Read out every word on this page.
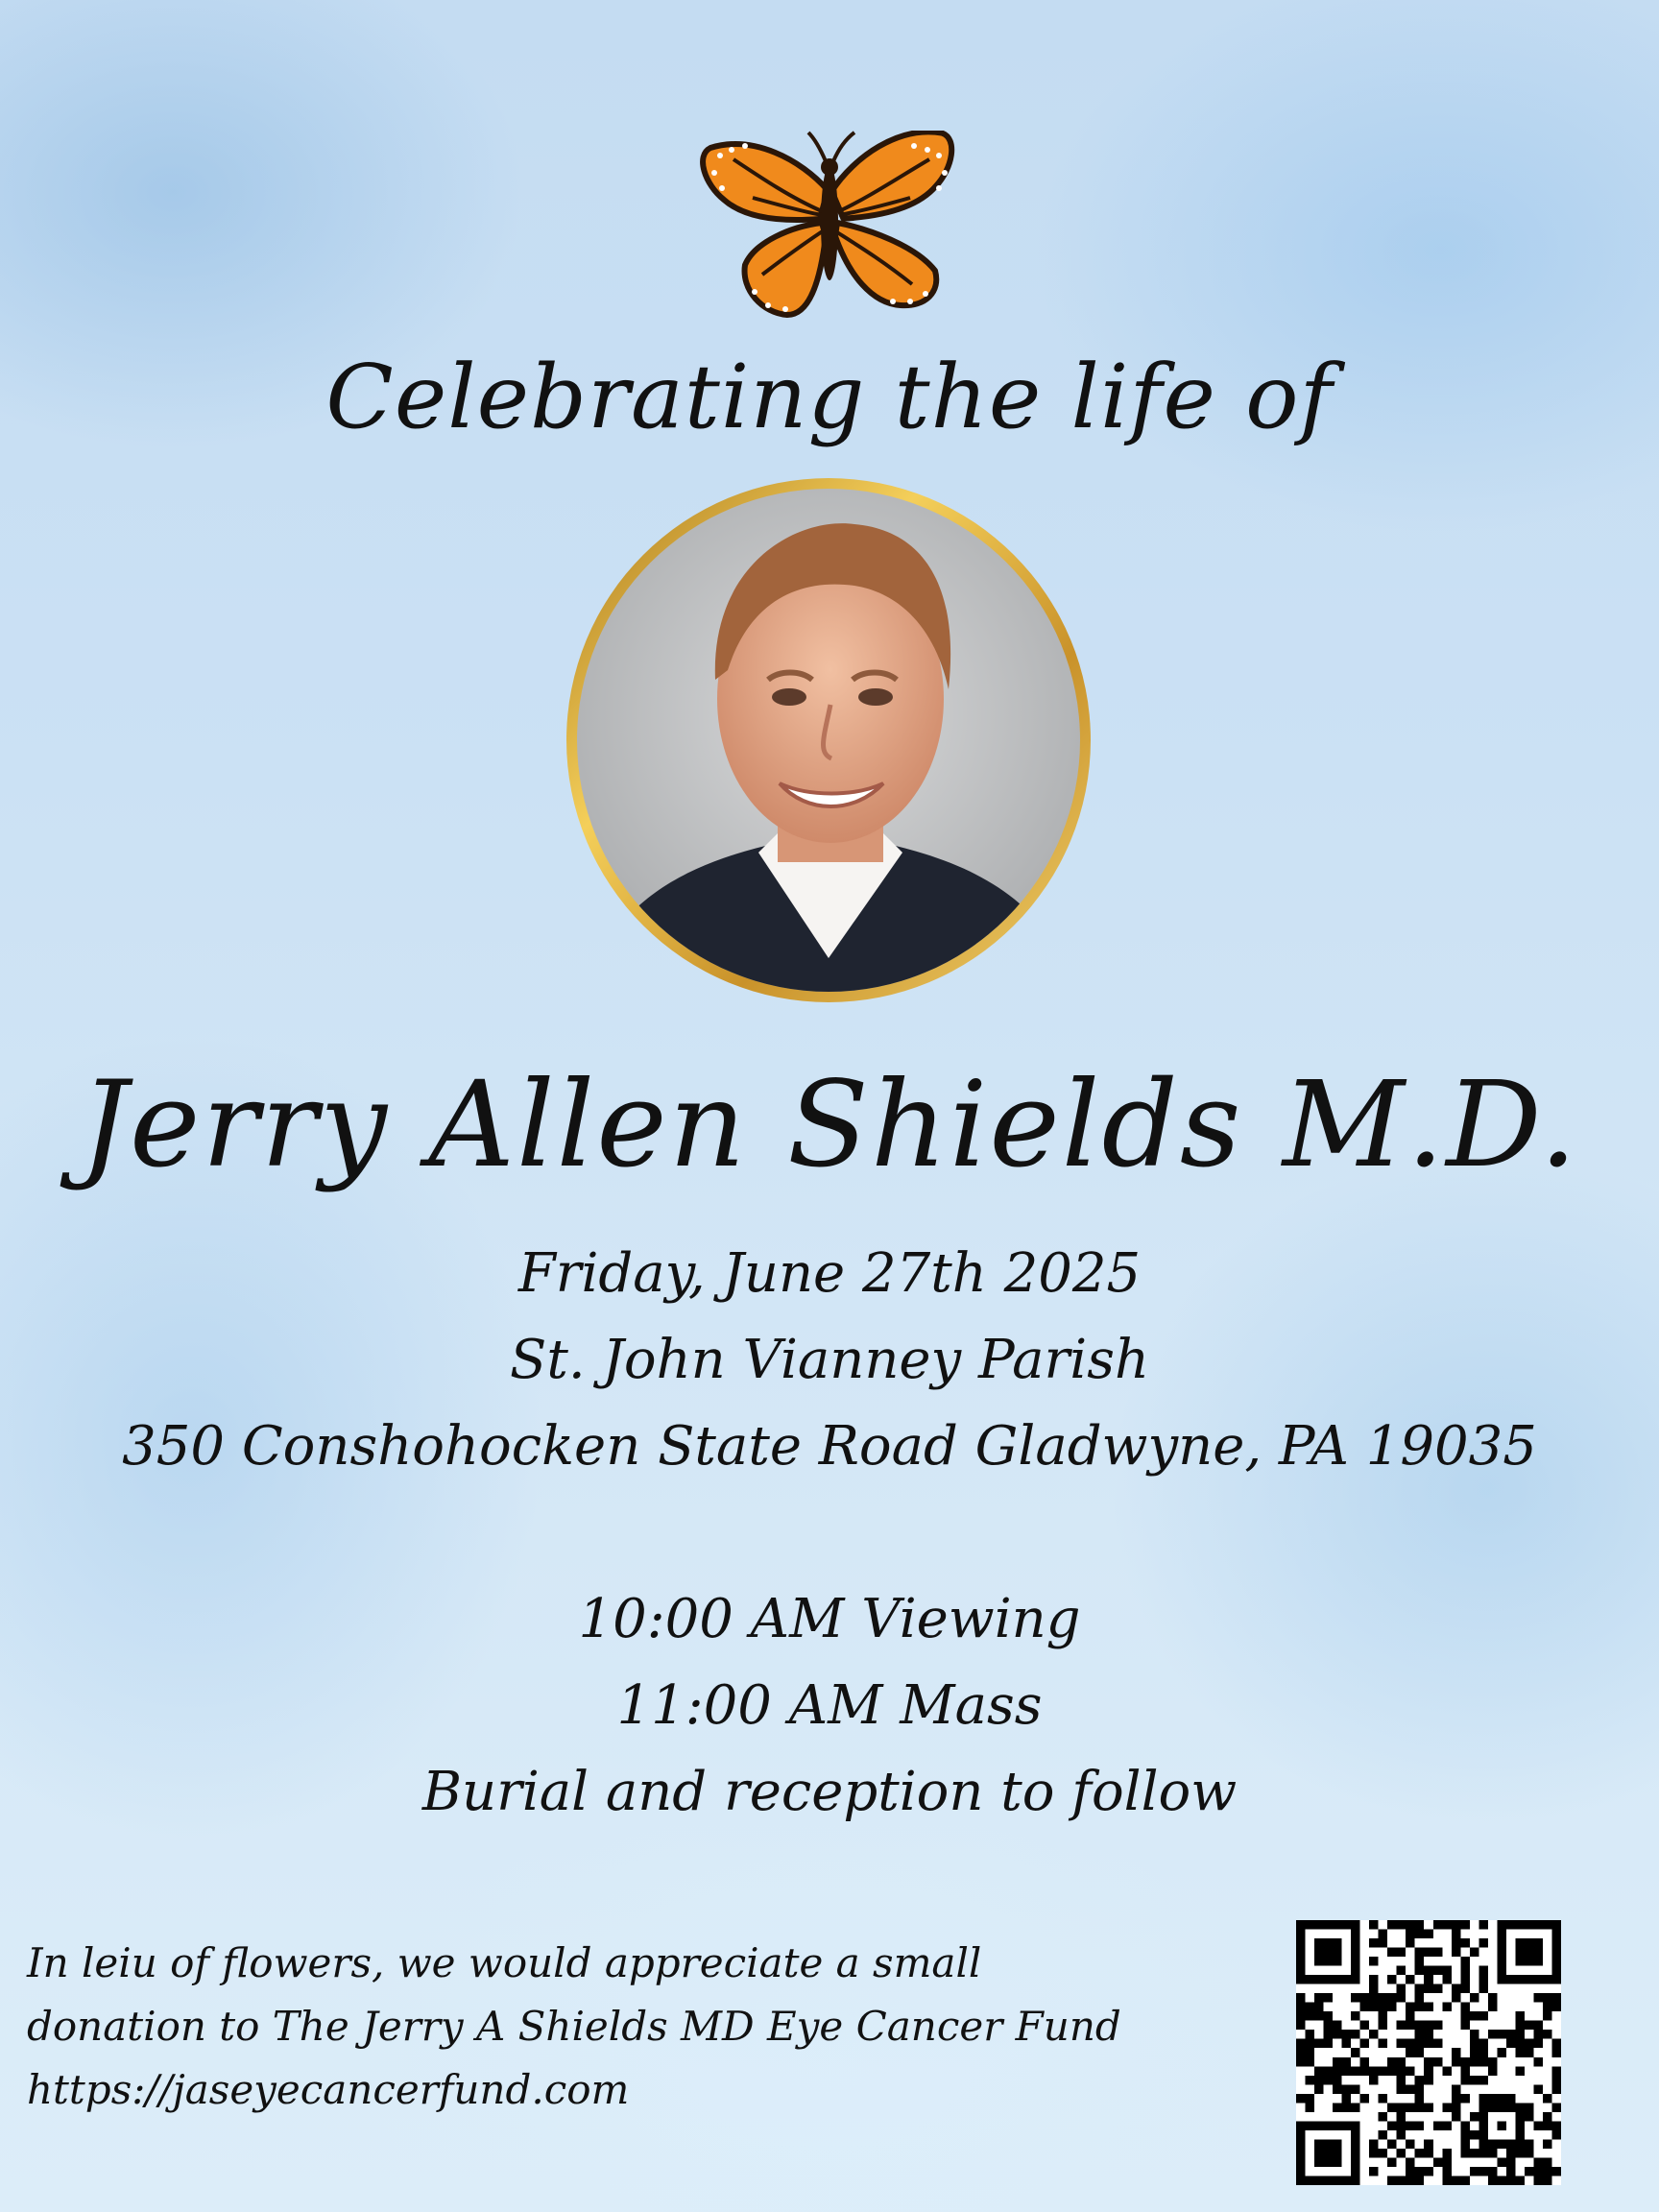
Celebrating the life of
Jerry Allen Shields M.D.
Friday, June 27th 2025
St. John Vianney Parish
350 Conshohocken State Road Gladwyne, PA 19035
10:00 AM Viewing
11:00 AM Mass
Burial and reception to follow
In leiu of flowers, we would appreciate a small
donation to The Jerry A Shields MD Eye Cancer Fund
https://jaseyecancerfund.com
